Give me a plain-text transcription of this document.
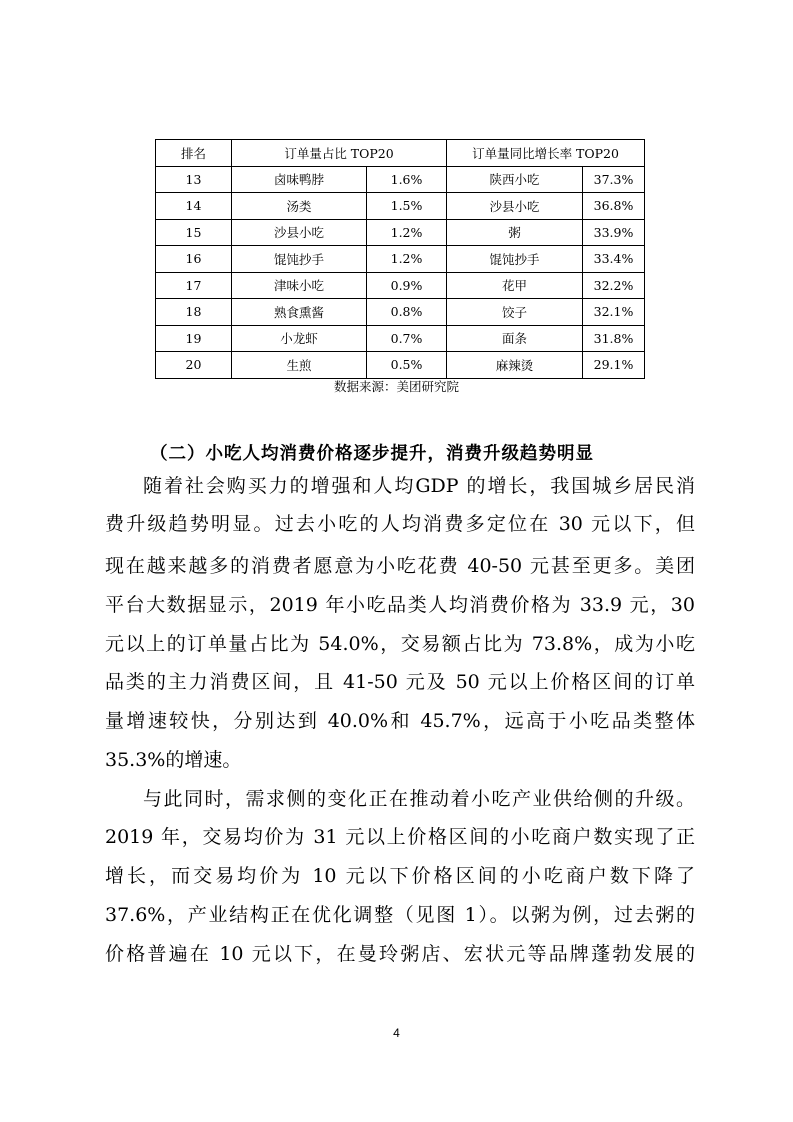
排名	订单量占比 TOP20		订单量同比增长率 TOP20	
13	卤味鸭脖	1.6%	陕西小吃	37.3%
14	汤类	1.5%	沙县小吃	36.8%
15	沙县小吃	1.2%	粥	33.9%
16	馄饨抄手	1.2%	馄饨抄手	33.4%
17	津味小吃	0.9%	花甲	32.2%
18	熟食熏酱	0.8%	饺子	32.1%
19	小龙虾	0.7%	面条	31.8%
20	生煎	0.5%	麻辣烫	29.1%
数据来源：美团研究院
（二）小吃人均消费价格逐步提升，消费升级趋势明显
随着社会购买力的增强和人均GDP 的增长，我国城乡居民消
费升级趋势明显。过去小吃的人均消费多定位在 30 元以下，但
现在越来越多的消费者愿意为小吃花费 40-50 元甚至更多。美团
平台大数据显示，2019 年小吃品类人均消费价格为 33.9 元，30
元以上的订单量占比为 54.0%，交易额占比为 73.8%，成为小吃
品类的主力消费区间，且 41-50 元及 50 元以上价格区间的订单
量增速较快，分别达到 40.0%和 45.7%，远高于小吃品类整体
35.3%的增速。
与此同时，需求侧的变化正在推动着小吃产业供给侧的升级。
2019 年，交易均价为 31 元以上价格区间的小吃商户数实现了正
增长，而交易均价为 10 元以下价格区间的小吃商户数下降了
37.6%，产业结构正在优化调整（见图 1）。以粥为例，过去粥的
价格普遍在 10 元以下，在曼玲粥店、宏状元等品牌蓬勃发展的
4
